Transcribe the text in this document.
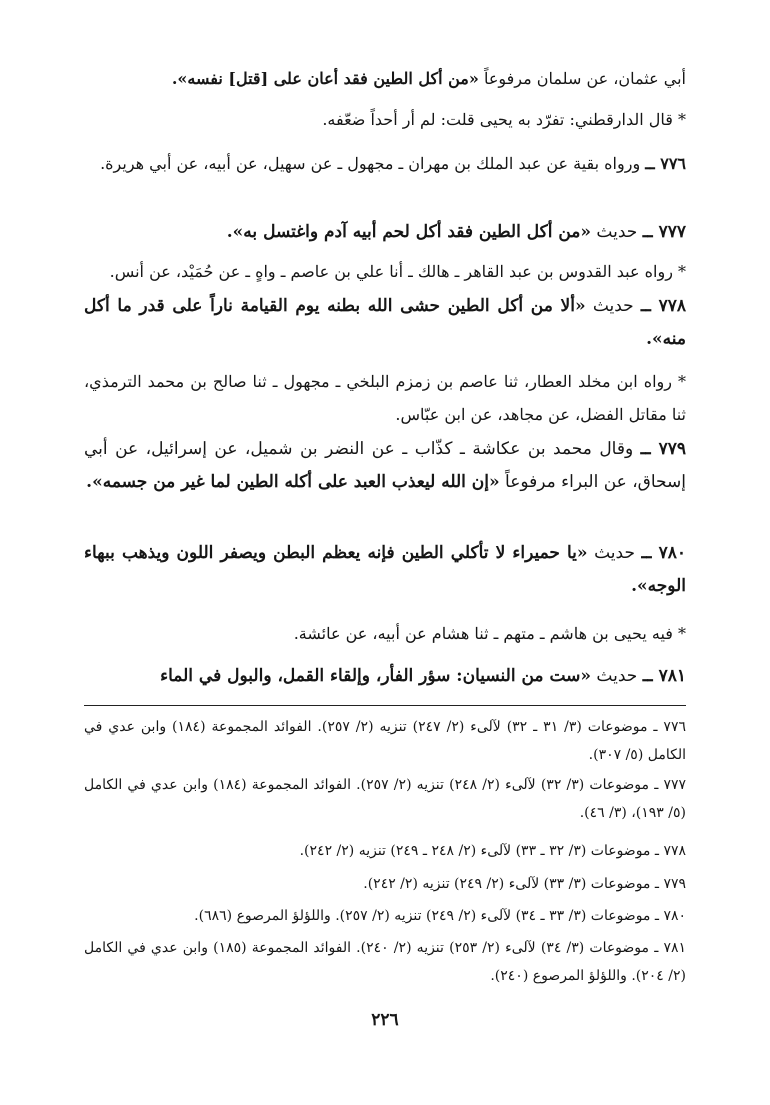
أبي عثمان، عن سلمان مرفوعاً «من أكل الطين فقد أعان على [قتل] نفسه».

* قال الدارقطني: تفرّد به يحيى قلت: لم أر أحداً ضعّفه.

٧٧٦ ــ ورواه بقية عن عبد الملك بن مهران ـ مجهول ـ عن سهيل، عن أبيه، عن أبي هريرة.

٧٧٧ ــ حديث «من أكل الطين فقد أكل لحم أبيه آدم واغتسل به».

* رواه عبد القدوس بن عبد القاهر ـ هالك ـ أنا علي بن عاصم ـ واهٍ ـ عن حُمَيْد، عن أنس.

٧٧٨ ــ حديث «ألا من أكل الطين حشى الله بطنه يوم القيامة ناراً على قدر ما أكل منه».

* رواه ابن مخلد العطار، ثنا عاصم بن زمزم البلخي ـ مجهول ـ ثنا صالح بن محمد الترمذي، ثنا مقاتل الفضل، عن مجاهد، عن ابن عبّاس.

٧٧٩ ــ وقال محمد بن عكاشة ـ كذّاب ـ عن النضر بن شميل، عن إسرائيل، عن أبي إسحاق، عن البراء مرفوعاً «إن الله ليعذب العبد على أكله الطين لما غير من جسمه».

٧٨٠ ــ حديث «يا حميراء لا تأكلي الطين فإنه يعظم البطن ويصفر اللون ويذهب ببهاء الوجه».

* فيه يحيى بن هاشم ـ متهم ـ ثنا هشام عن أبيه، عن عائشة.

٧٨١ ــ حديث «ست من النسيان: سؤر الفأر، وإلقاء القمل، والبول في الماء

٧٧٦ ـ موضوعات (٣/ ٣١ ـ ٣٢) لآلىء (٢/ ٢٤٧) تنزيه (٢/ ٢٥٧). الفوائد المجموعة (١٨٤) وابن عدي في الكامل (٥/ ٣٠٧).

٧٧٧ ـ موضوعات (٣/ ٣٢) لآلىء (٢/ ٢٤٨) تنزيه (٢/ ٢٥٧). الفوائد المجموعة (١٨٤) وابن عدي في الكامل (٥/ ١٩٣)، (٣/ ٤٦).

٧٧٨ ـ موضوعات (٣/ ٣٢ ـ ٣٣) لآلىء (٢/ ٢٤٨ ـ ٢٤٩) تنزيه (٢/ ٢٤٢).

٧٧٩ ـ موضوعات (٣/ ٣٣) لآلىء (٢/ ٢٤٩) تنزيه (٢/ ٢٤٢).

٧٨٠ ـ موضوعات (٣/ ٣٣ ـ ٣٤) لآلىء (٢/ ٢٤٩) تنزيه (٢/ ٢٥٧). واللؤلؤ المرصوع (٦٨٦).

٧٨١ ـ موضوعات (٣/ ٣٤) لآلىء (٢/ ٢٥٣) تنزيه (٢/ ٢٤٠). الفوائد المجموعة (١٨٥) وابن عدي في الكامل (٢/ ٢٠٤). واللؤلؤ المرصوع (٢٤٠).

٢٢٦
